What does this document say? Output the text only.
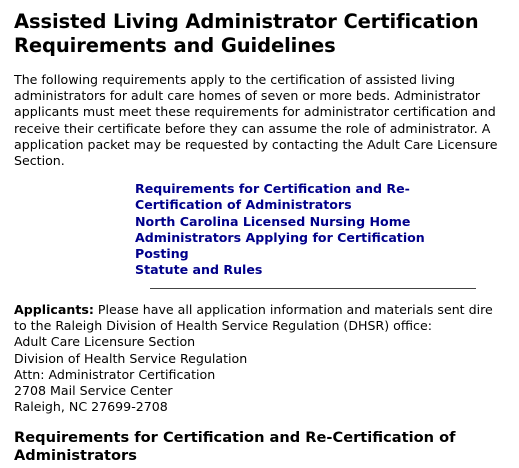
Assisted Living Administrator Certification
Requirements and Guidelines

The following requirements apply to the certification of assisted living
administrators for adult care homes of seven or more beds. Administrator
applicants must meet these requirements for administrator certification and
receive their certificate before they can assume the role of administrator. A
application packet may be requested by contacting the Adult Care Licensure
Section.

Requirements for Certification and Re-
Certification of Administrators
North Carolina Licensed Nursing Home
Administrators Applying for Certification
Posting
Statute and Rules

Applicants: Please have all application information and materials sent dire
to the Raleigh Division of Health Service Regulation (DHSR) office:
Adult Care Licensure Section
Division of Health Service Regulation
Attn: Administrator Certification
2708 Mail Service Center
Raleigh, NC 27699-2708

Requirements for Certification and Re-Certification of
Administrators
